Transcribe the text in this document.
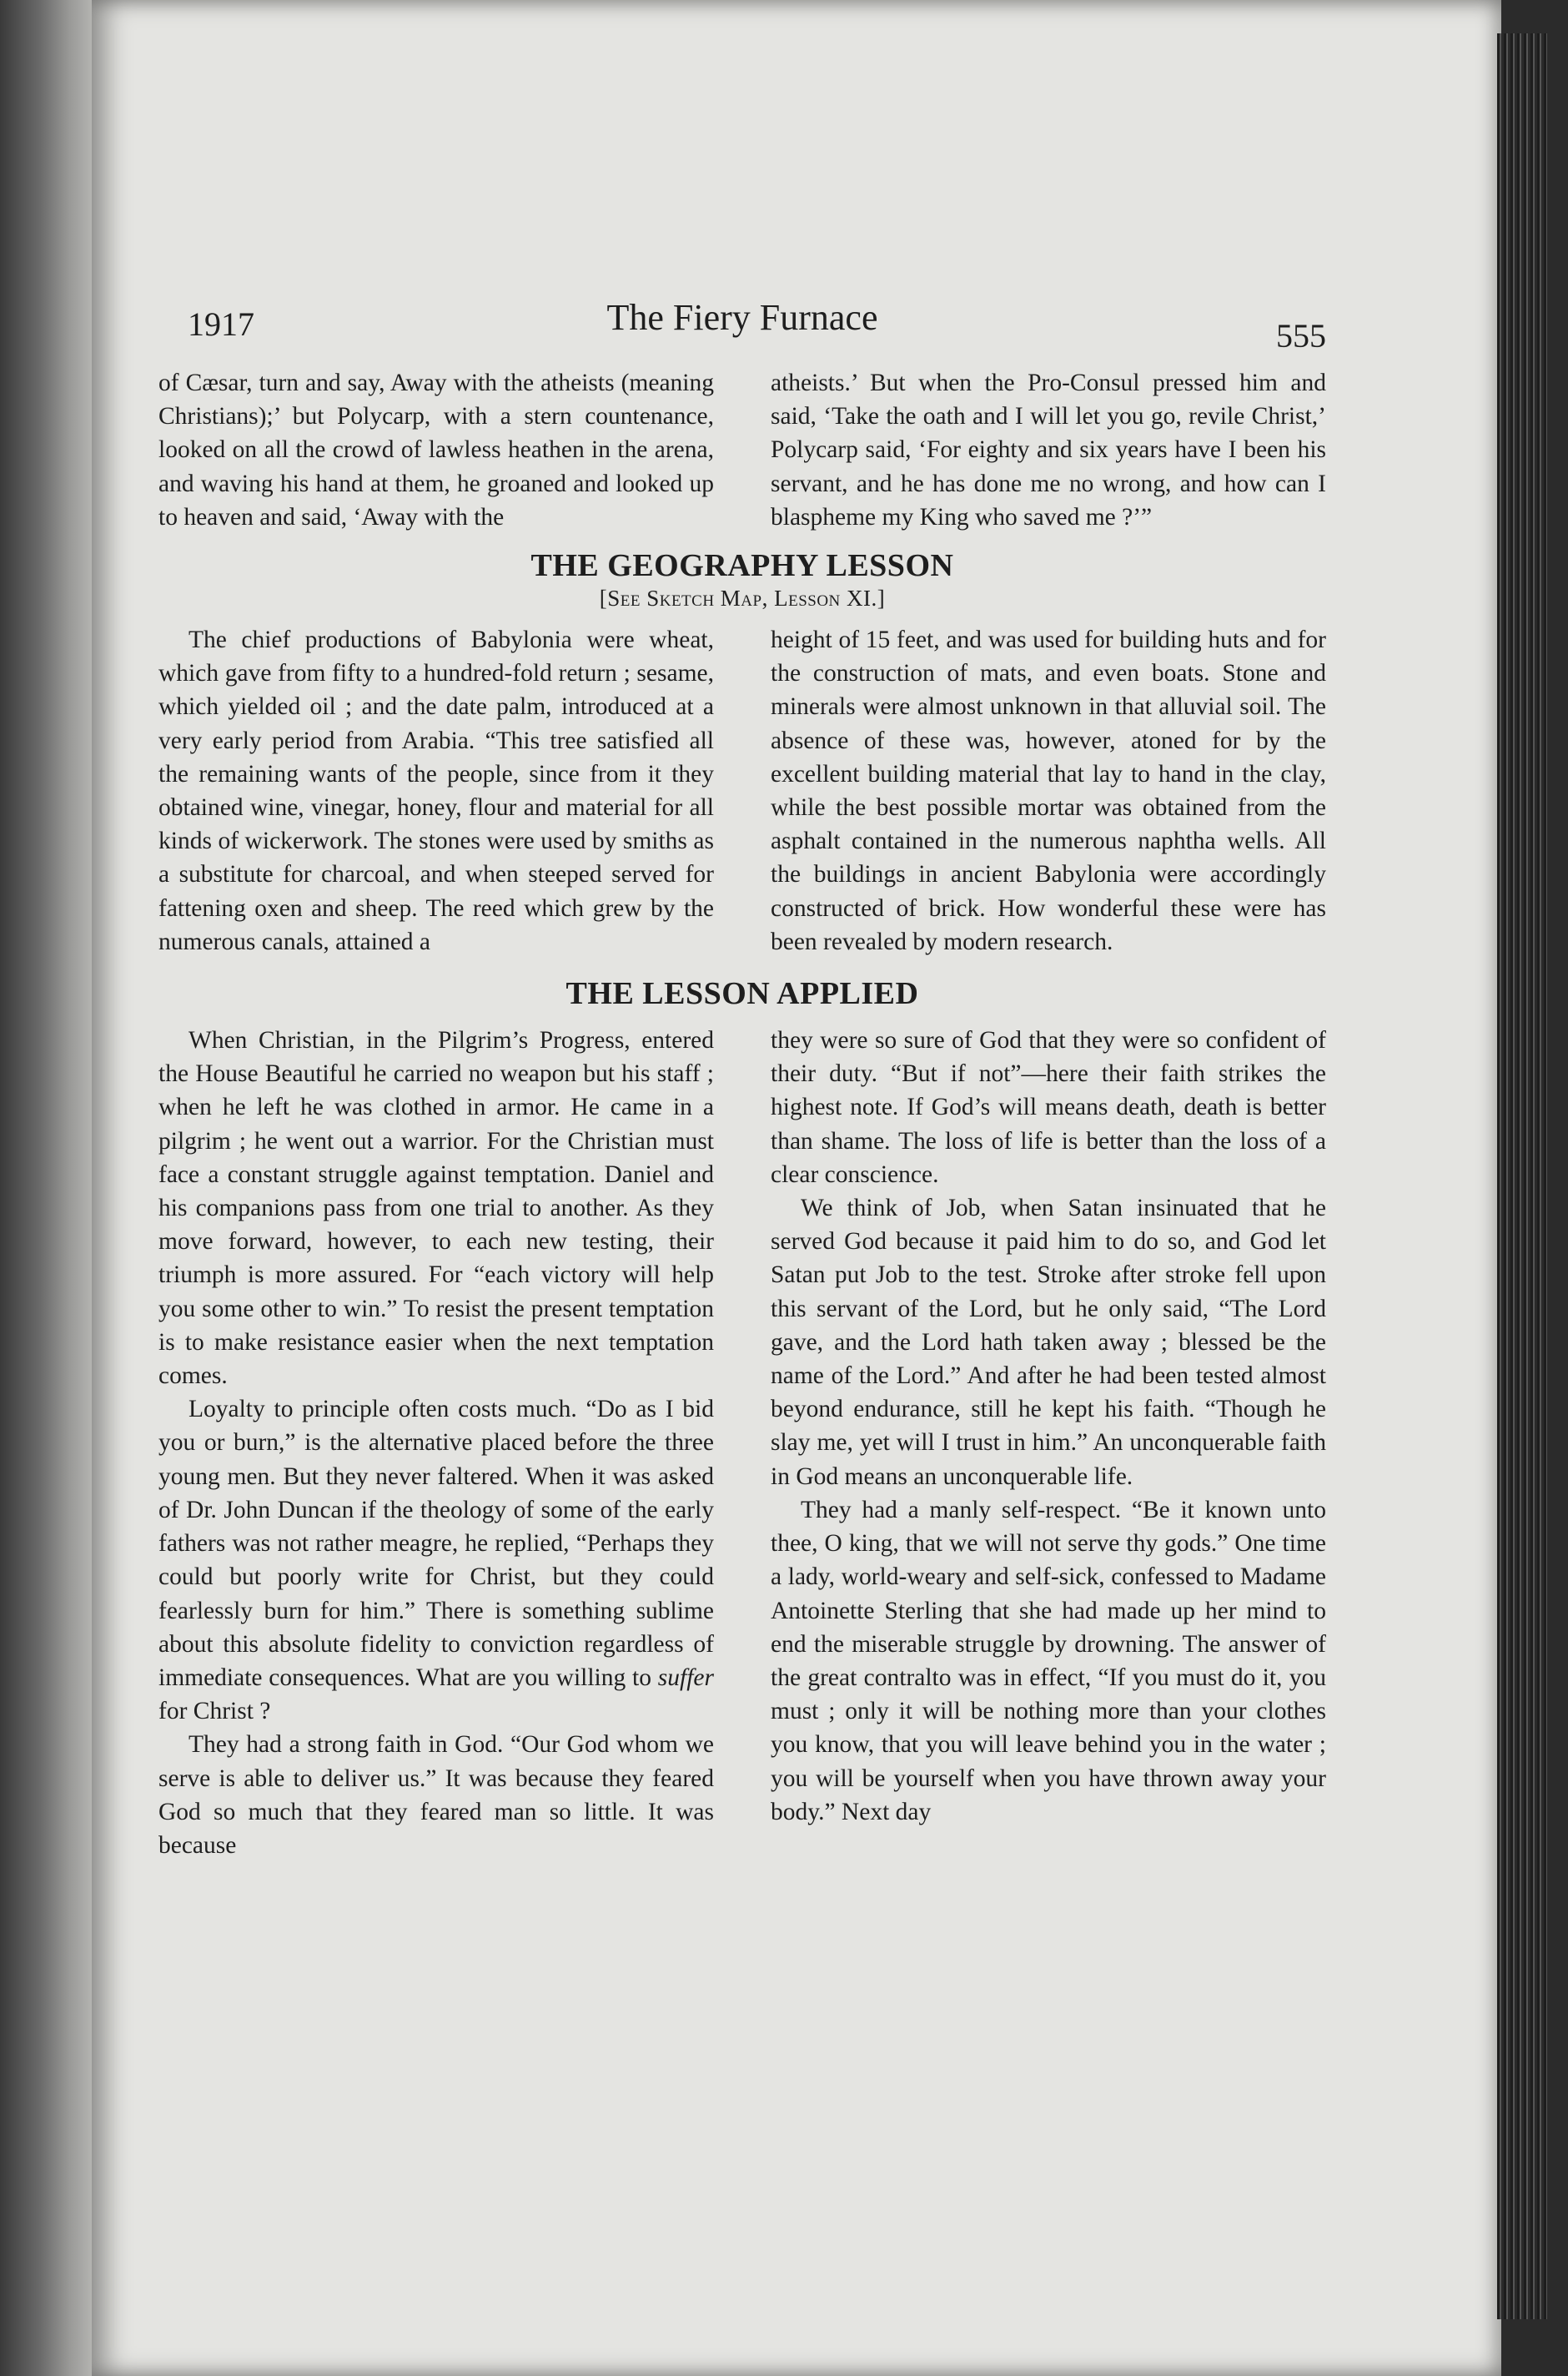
1917	The Fiery Furnace	555

of Cæsar, turn and say, Away with the atheists (meaning Christians);’ but Polycarp, with a stern countenance, looked on all the crowd of lawless heathen in the arena, and waving his hand at them, he groaned and looked up to heaven and said, ‘Away with the

atheists.’ But when the Pro-Consul pressed him and said, ‘Take the oath and I will let you go, revile Christ,’ Polycarp said, ‘For eighty and six years have I been his servant, and he has done me no wrong, and how can I blaspheme my King who saved me ?’”

THE GEOGRAPHY LESSON
[See Sketch Map, Lesson XI.]

The chief productions of Babylonia were wheat, which gave from fifty to a hundred-fold return ; sesame, which yielded oil ; and the date palm, introduced at a very early period from Arabia. “This tree satisfied all the remaining wants of the people, since from it they obtained wine, vinegar, honey, flour and material for all kinds of wickerwork. The stones were used by smiths as a substitute for charcoal, and when steeped served for fattening oxen and sheep. The reed which grew by the numerous canals, attained a

height of 15 feet, and was used for building huts and for the construction of mats, and even boats. Stone and minerals were almost unknown in that alluvial soil. The absence of these was, however, atoned for by the excellent building material that lay to hand in the clay, while the best possible mortar was obtained from the asphalt contained in the numerous naphtha wells. All the buildings in ancient Babylonia were accordingly constructed of brick. How wonderful these were has been revealed by modern research.

THE LESSON APPLIED

When Christian, in the Pilgrim’s Progress, entered the House Beautiful he carried no weapon but his staff ; when he left he was clothed in armor. He came in a pilgrim ; he went out a warrior. For the Christian must face a constant struggle against temptation. Daniel and his companions pass from one trial to another. As they move forward, however, to each new testing, their triumph is more assured. For “each victory will help you some other to win.” To resist the present temptation is to make resistance easier when the next temptation comes.

Loyalty to principle often costs much. “Do as I bid you or burn,” is the alternative placed before the three young men. But they never faltered. When it was asked of Dr. John Duncan if the theology of some of the early fathers was not rather meagre, he replied, “Perhaps they could but poorly write for Christ, but they could fearlessly burn for him.” There is something sublime about this absolute fidelity to conviction regardless of immediate consequences. What are you willing to suffer for Christ ?

They had a strong faith in God. “Our God whom we serve is able to deliver us.” It was because they feared God so much that they feared man so little. It was because

they were so sure of God that they were so confident of their duty. “But if not”—here their faith strikes the highest note. If God’s will means death, death is better than shame. The loss of life is better than the loss of a clear conscience.

We think of Job, when Satan insinuated that he served God because it paid him to do so, and God let Satan put Job to the test. Stroke after stroke fell upon this servant of the Lord, but he only said, “The Lord gave, and the Lord hath taken away ; blessed be the name of the Lord.” And after he had been tested almost beyond endurance, still he kept his faith. “Though he slay me, yet will I trust in him.” An unconquerable faith in God means an unconquerable life.

They had a manly self-respect. “Be it known unto thee, O king, that we will not serve thy gods.” One time a lady, world-weary and self-sick, confessed to Madame Antoinette Sterling that she had made up her mind to end the miserable struggle by drowning. The answer of the great contralto was in effect, “If you must do it, you must ; only it will be nothing more than your clothes you know, that you will leave behind you in the water ; you will be yourself when you have thrown away your body.” Next day
